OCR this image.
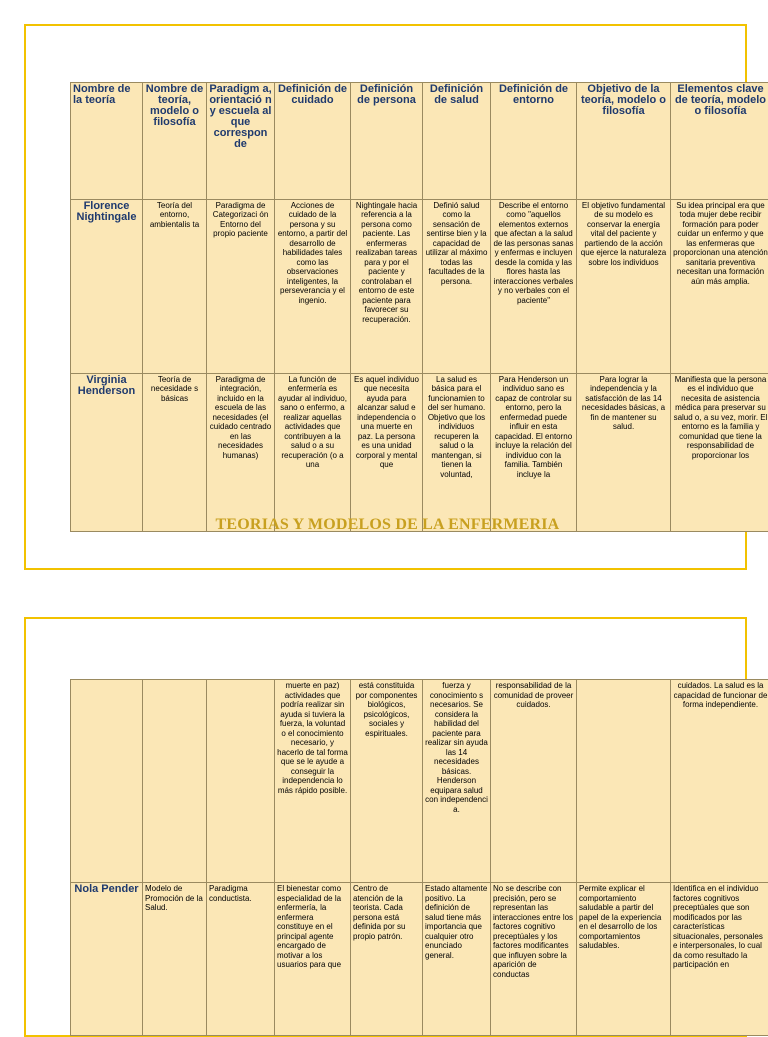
Nombre de la teoría	Nombre de teoría, modelo o filosofía	Paradigm a, orientació n y escuela al que correspon de	Definición de cuidado	Definición de persona	Definición de salud	Definición de entorno	Objetivo de la teoría, modelo o filosofía	Elementos clave de teoría, modelo o filosofía
Florence Nightingale	Teoría del entorno, ambientalis ta	Paradigma de Categorizaci ón Entorno del propio paciente	Acciones de cuidado de la persona y su entorno, a partir del desarrollo de habilidades tales como las observaciones inteligentes, la perseverancia y el ingenio.	Nightingale hacia referencia a la persona como paciente. Las enfermeras realizaban tareas para y por el paciente y controlaban el entorno de este paciente para favorecer su recuperación.	Definió salud como la sensación de sentirse bien y la capacidad de utilizar al máximo todas las facultades de la persona.	Describe el entorno como "aquellos elementos externos que afectan a la salud de las personas sanas y enfermas e incluyen desde la comida y las flores hasta las interacciones verbales y no verbales con el paciente"	El objetivo fundamental de su modelo es conservar la energía vital del paciente y partiendo de la acción que ejerce la naturaleza sobre los individuos	Su idea principal era que toda mujer debe recibir formación para poder cuidar un enfermo y que las enfermeras que proporcionan una atención sanitaria preventiva necesitan una formación aún más amplia.
Virginia Henderson	Teoría de necesidade s básicas	Paradigma de integración, incluido en la escuela de las necesidades (el cuidado centrado en las necesidades humanas)	La función de enfermería es ayudar al individuo, sano o enfermo, a realizar aquellas actividades que contribuyen a la salud o a su recuperación (o a una	Es aquel individuo que necesita ayuda para alcanzar salud e independencia o una muerte en paz. La persona es una unidad corporal y mental que	La salud es básica para el funcionamien to del ser humano. Objetivo que los individuos recuperen la salud o la mantengan, si tienen la voluntad,	Para Henderson un individuo sano es capaz de controlar su entorno, pero la enfermedad puede influir en esta capacidad. El entorno incluye la relación del individuo con la familia. También incluye la	Para lograr la independencia y la satisfacción de las 14 necesidades básicas, a fin de mantener su salud.	Manifiesta que la persona es el individuo que necesita de asistencia médica para preservar su salud o, a su vez, morir. El entorno es la familia y comunidad que tiene la responsabilidad de proporcionar los
TEORIAS Y MODELOS DE LA ENFERMERIA
			muerte en paz) actividades que podría realizar sin ayuda si tuviera la fuerza, la voluntad o el conocimiento necesario, y hacerlo de tal forma que se le ayude a conseguir la independencia lo más rápido posible.	está constituida por componentes biológicos, psicológicos, sociales y espirituales.	fuerza y conocimiento s necesarios. Se considera la habilidad del paciente para realizar sin ayuda las 14 necesidades básicas. Henderson equipara salud con independenci a.	responsabilidad de la comunidad de proveer cuidados.		cuidados. La salud es la capacidad de funcionar de forma independiente.
Nola Pender	Modelo de Promoción de la Salud.	Paradigma conductista.	El bienestar como especialidad de la enfermería, la enfermera constituye en el principal agente encargado de motivar a los usuarios para que	Centro de atención de la teorista. Cada persona está definida por su propio patrón.	Estado altamente positivo. La definición de salud tiene más importancia que cualquier otro enunciado general.	No se describe con precisión, pero se representan las interacciones entre los factores cognitivo preceptúales y los factores modificantes que influyen sobre la aparición de conductas	Permite explicar el comportamiento saludable a partir del papel de la experiencia en el desarrollo de los comportamientos saludables.	Identifica en el individuo factores cognitivos preceptúales que son modificados por las características situacionales, personales e interpersonales, lo cual da como resultado la participación en
